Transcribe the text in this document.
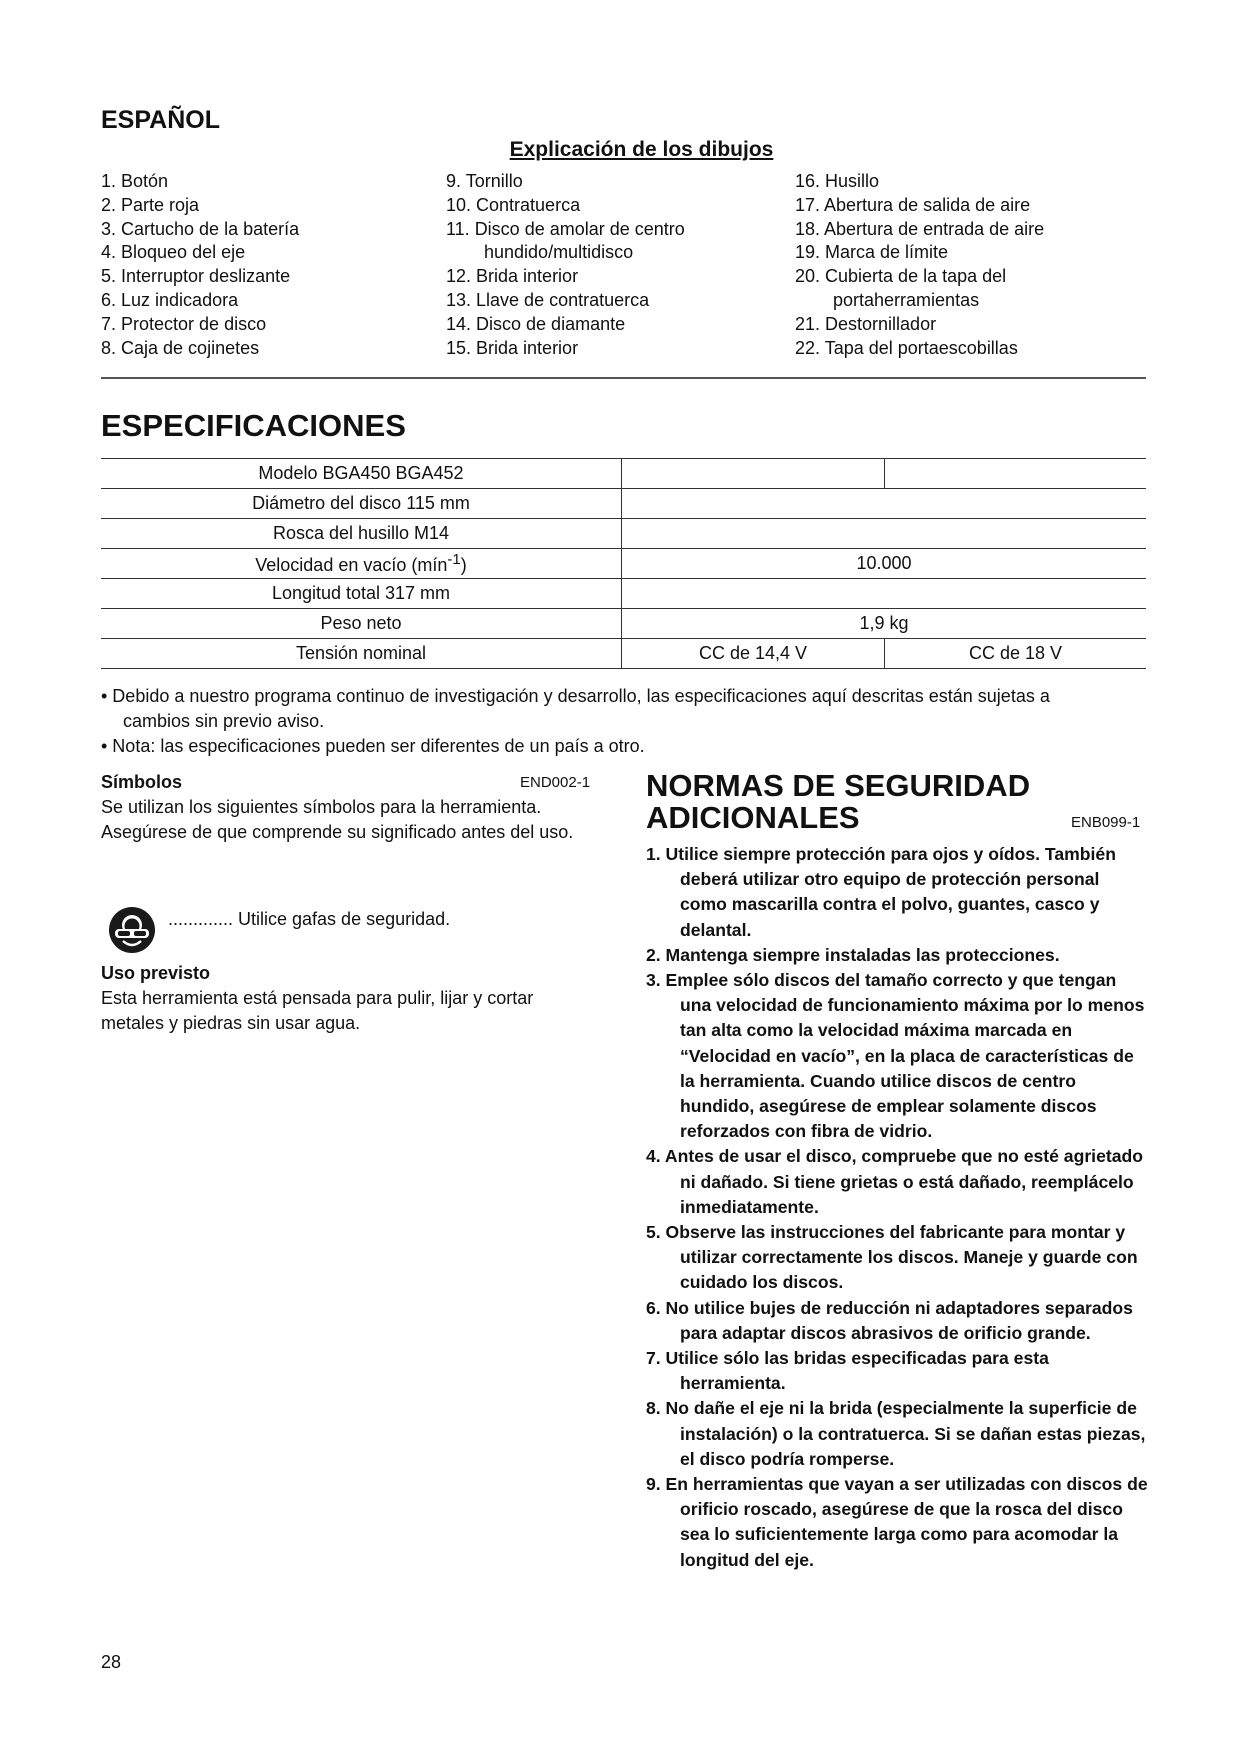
ESPAÑOL
Explicación de los dibujos
1. Botón
2. Parte roja
3. Cartucho de la batería
4. Bloqueo del eje
5. Interruptor deslizante
6. Luz indicadora
7. Protector de disco
8. Caja de cojinetes
9. Tornillo
10. Contratuerca
11. Disco de amolar de centro
hundido/multidisco
12. Brida interior
13. Llave de contratuerca
14. Disco de diamante
15. Brida interior
16. Husillo
17. Abertura de salida de aire
18. Abertura de entrada de aire
19. Marca de límite
20. Cubierta de la tapa del
portaherramientas
21. Destornillador
22. Tapa del portaescobillas
ESPECIFICACIONES
Modelo BGA450 BGA452		
Diámetro del disco 115 mm		
Rosca del husillo M14		
Velocidad en vacío (mín$^{-1}$)	10.000	
Longitud total 317 mm		
Peso neto	1,9 kg	
Tensión nominal	CC de 14,4 V	CC de 18 V
• Debido a nuestro programa continuo de investigación y desarrollo, las especificaciones aquí descritas están sujetas a
cambios sin previo aviso.
• Nota: las especificaciones pueden ser diferentes de un país a otro.
Símbolos	END002-1
Se utilizan los siguientes símbolos para la herramienta. Asegúrese de que comprende su significado antes del uso.
............. Utilice gafas de seguridad.
Uso previsto
Esta herramienta está pensada para pulir, lijar y cortar metales y piedras sin usar agua.
NORMAS DE SEGURIDAD
ADICIONALES	ENB099-1
1. Utilice siempre protección para ojos y oídos. También deberá utilizar otro equipo de protección personal como mascarilla contra el polvo, guantes, casco y delantal.
2. Mantenga siempre instaladas las protecciones.
3. Emplee sólo discos del tamaño correcto y que tengan una velocidad de funcionamiento máxima por lo menos tan alta como la velocidad máxima marcada en “Velocidad en vacío”, en la placa de características de la herramienta. Cuando utilice discos de centro hundido, asegúrese de emplear solamente discos reforzados con fibra de vidrio.
4. Antes de usar el disco, compruebe que no esté agrietado ni dañado. Si tiene grietas o está dañado, reemplácelo inmediatamente.
5. Observe las instrucciones del fabricante para montar y utilizar correctamente los discos. Maneje y guarde con cuidado los discos.
6. No utilice bujes de reducción ni adaptadores separados para adaptar discos abrasivos de orificio grande.
7. Utilice sólo las bridas especificadas para esta herramienta.
8. No dañe el eje ni la brida (especialmente la superficie de instalación) o la contratuerca. Si se dañan estas piezas, el disco podría romperse.
9. En herramientas que vayan a ser utilizadas con discos de orificio roscado, asegúrese de que la rosca del disco sea lo suficientemente larga como para acomodar la longitud del eje.
28
